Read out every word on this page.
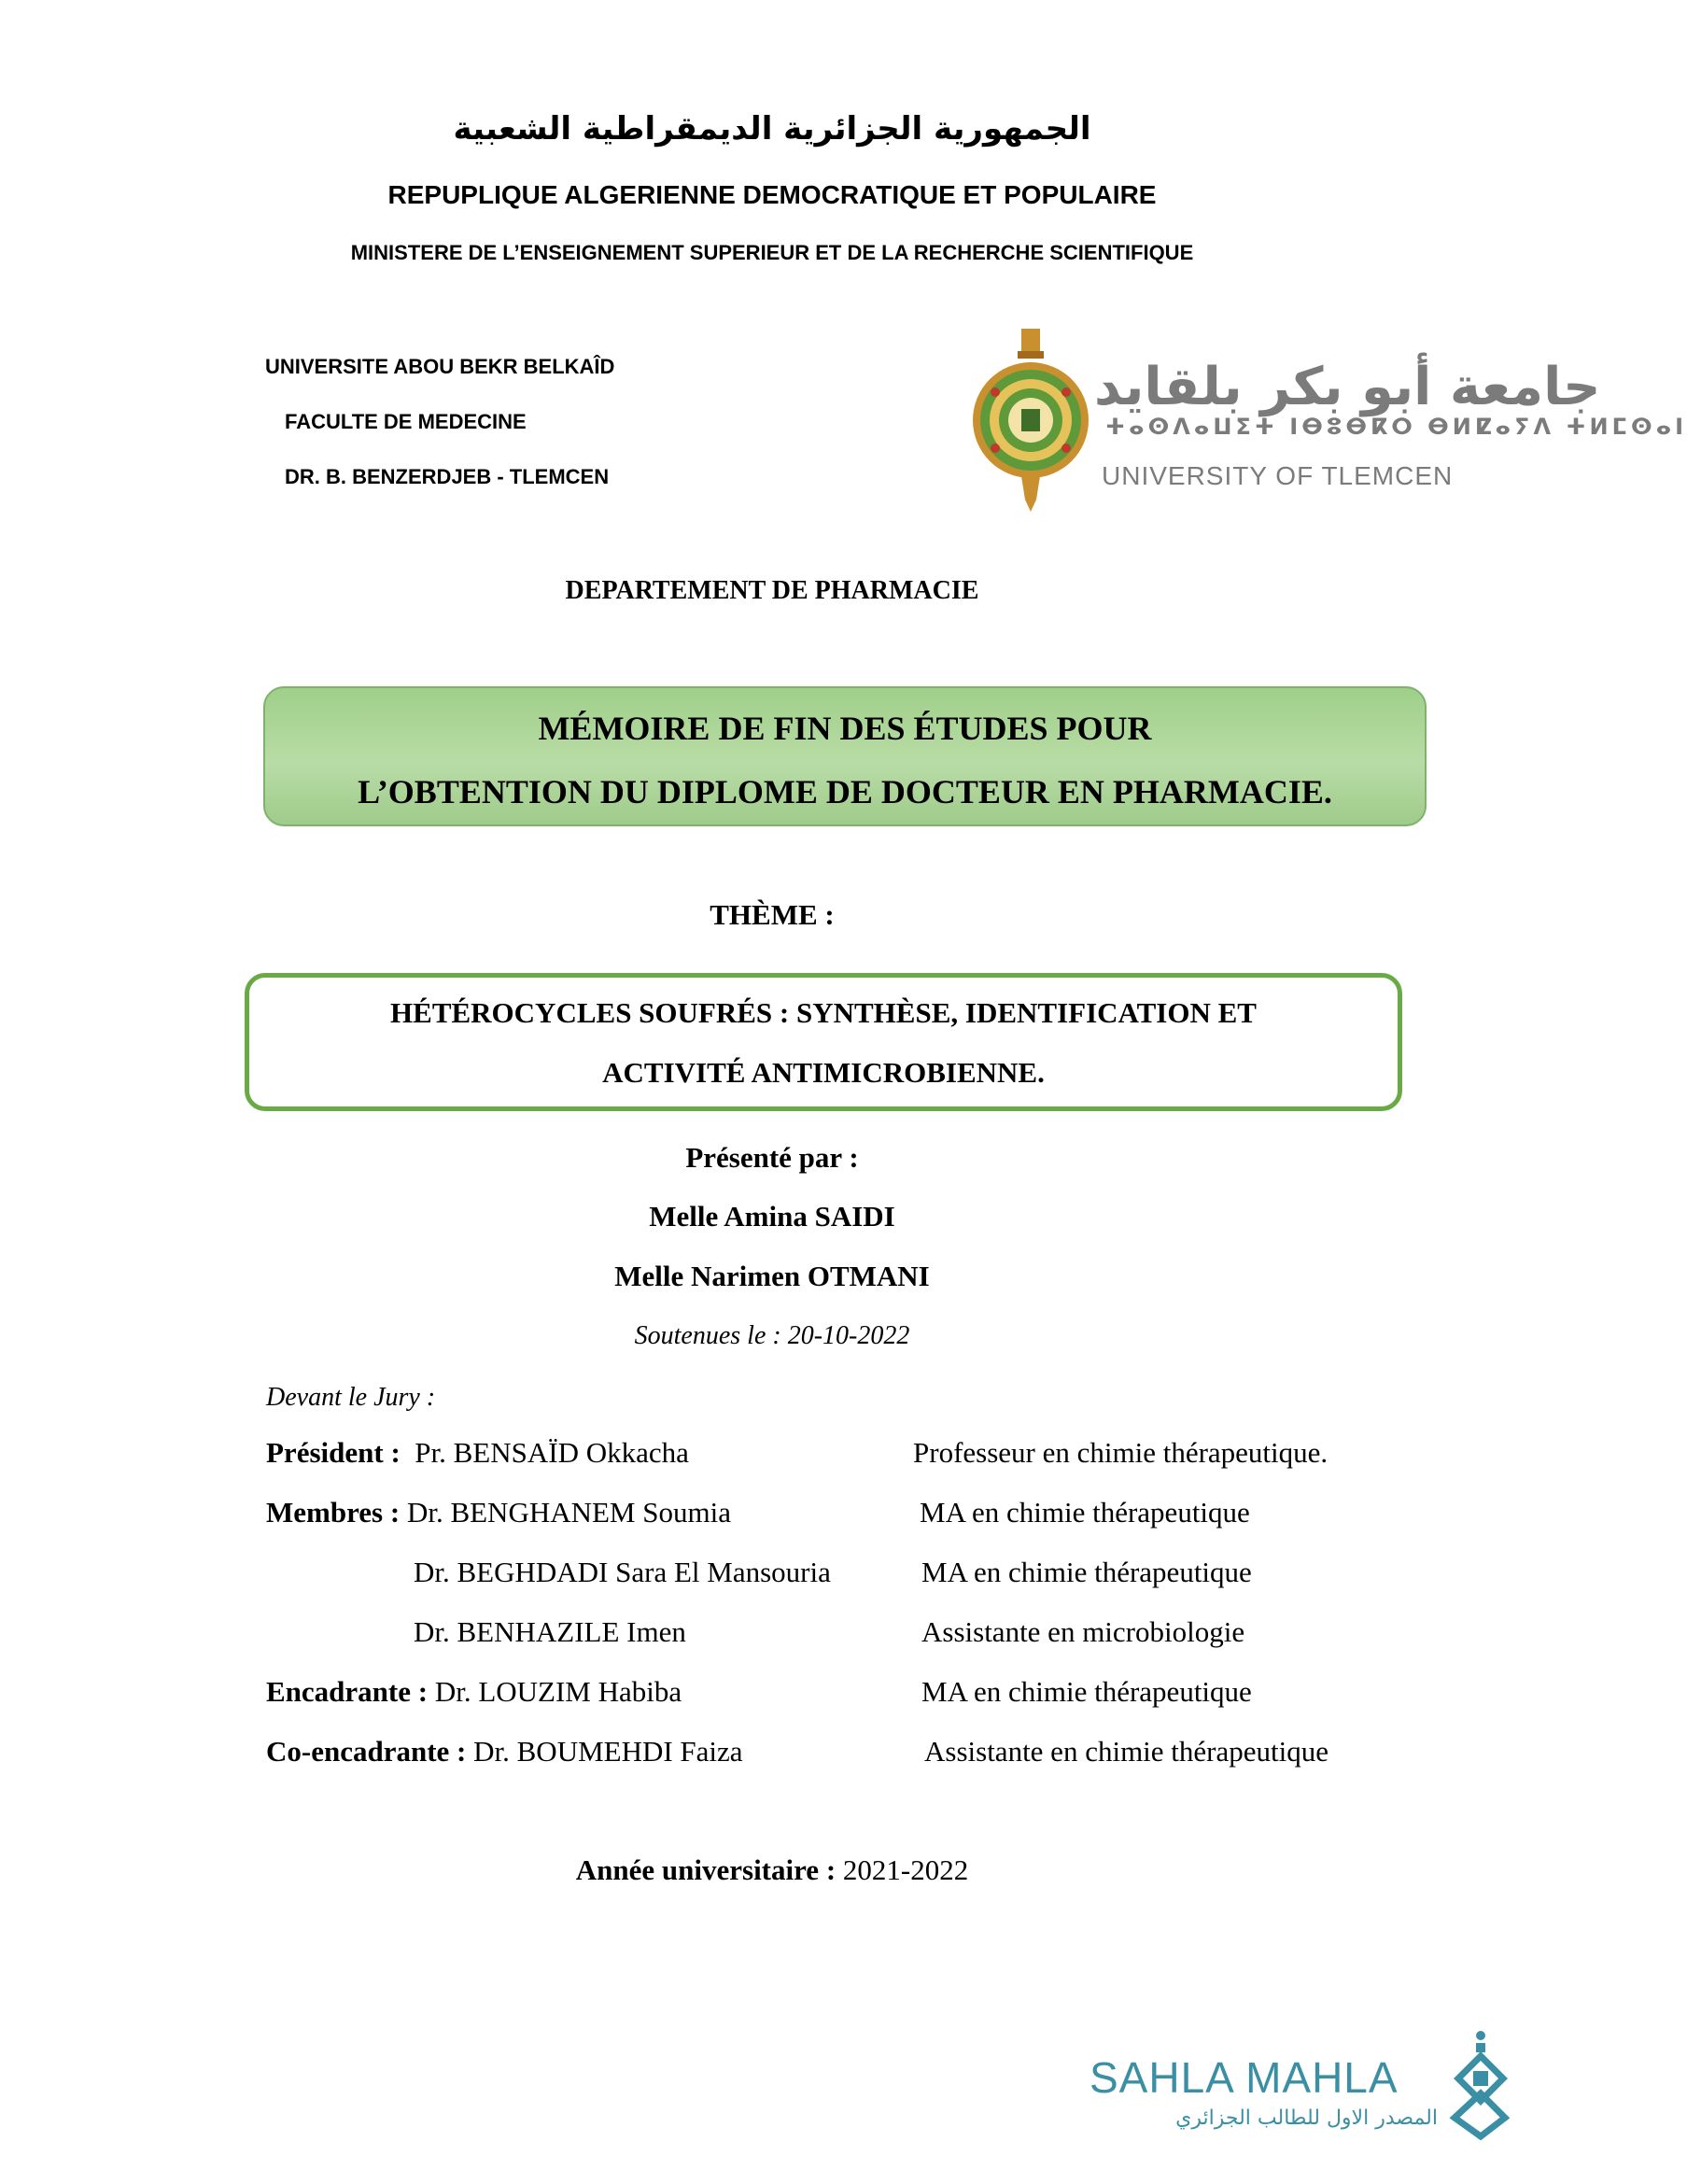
الجمهورية الجزائرية الديمقراطية الشعبية
REPUPLIQUE ALGERIENNE DEMOCRATIQUE ET POPULAIRE
MINISTERE DE L’ENSEIGNEMENT SUPERIEUR ET DE LA RECHERCHE SCIENTIFIQUE
UNIVERSITE ABOU BEKR BELKAÎD
FACULTE DE MEDECINE
DR. B. BENZERDJEB - TLEMCEN
جامعة أبو بكر بلقايد
ⵜⴰⵙⴷⴰⵡⵉⵜ ⵏⴱⵓⴱⴽⵔ ⴱⵍⵇⴰⵢⴷ ⵜⵍⵎⵙⴰⵏ
UNIVERSITY OF TLEMCEN
DEPARTEMENT DE PHARMACIE
MÉMOIRE DE FIN DES ÉTUDES POUR
L’OBTENTION DU DIPLOME DE DOCTEUR EN PHARMACIE.
THÈME :
HÉTÉROCYCLES SOUFRÉS : SYNTHÈSE, IDENTIFICATION ET
ACTIVITÉ ANTIMICROBIENNE.
Présenté par :
Melle Amina SAIDI
Melle Narimen OTMANI
Soutenues le : 20-10-2022
Devant le Jury :
Président : Pr. BENSAÏD Okkacha	Professeur en chimie thérapeutique.
Membres : Dr. BENGHANEM Soumia	MA en chimie thérapeutique
Dr. BEGHDADI Sara El Mansouria	MA en chimie thérapeutique
Dr. BENHAZILE Imen	Assistante en microbiologie
Encadrante : Dr. LOUZIM Habiba	MA en chimie thérapeutique
Co-encadrante : Dr. BOUMEHDI Faiza	Assistante en chimie thérapeutique
Année universitaire : 2021-2022
SAHLA MAHLA
المصدر الاول للطالب الجزائري
